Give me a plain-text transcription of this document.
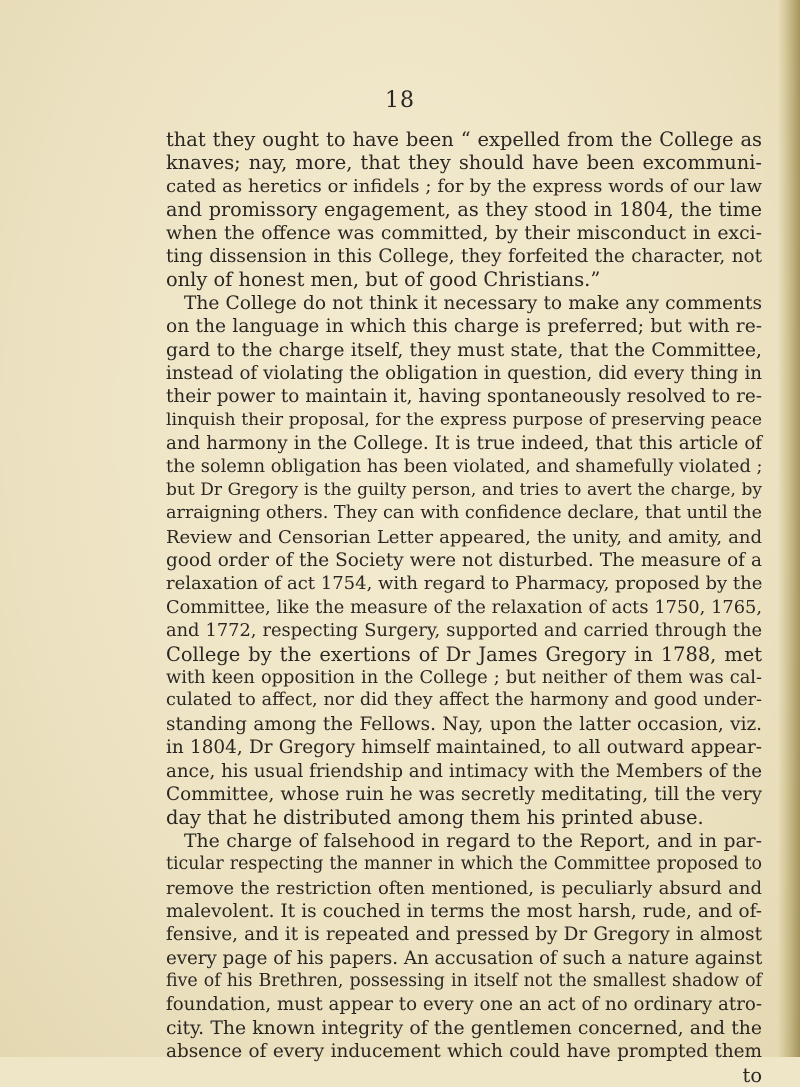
18
that they ought to have been “ expelled from the College as
knaves; nay, more, that they should have been excommuni-
cated as heretics or infidels ; for by the express words of our law
and promissory engagement, as they stood in 1804, the time
when the offence was committed, by their misconduct in exci-
ting dissension in this College, they forfeited the character, not
only of honest men, but of good Christians.”
The College do not think it necessary to make any comments
on the language in which this charge is preferred; but with re-
gard to the charge itself, they must state, that the Committee,
instead of violating the obligation in question, did every thing in
their power to maintain it, having spontaneously resolved to re-
linquish their proposal, for the express purpose of preserving peace
and harmony in the College. It is true indeed, that this article of
the solemn obligation has been violated, and shamefully violated ;
but Dr Gregory is the guilty person, and tries to avert the charge, by
arraigning others. They can with confidence declare, that until the
Review and Censorian Letter appeared, the unity, and amity, and
good order of the Society were not disturbed. The measure of a
relaxation of act 1754, with regard to Pharmacy, proposed by the
Committee, like the measure of the relaxation of acts 1750, 1765,
and 1772, respecting Surgery, supported and carried through the
College by the exertions of Dr James Gregory in 1788, met
with keen opposition in the College ; but neither of them was cal-
culated to affect, nor did they affect the harmony and good under-
standing among the Fellows. Nay, upon the latter occasion, viz.
in 1804, Dr Gregory himself maintained, to all outward appear-
ance, his usual friendship and intimacy with the Members of the
Committee, whose ruin he was secretly meditating, till the very
day that he distributed among them his printed abuse.
The charge of falsehood in regard to the Report, and in par-
ticular respecting the manner in which the Committee proposed to
remove the restriction often mentioned, is peculiarly absurd and
malevolent. It is couched in terms the most harsh, rude, and of-
fensive, and it is repeated and pressed by Dr Gregory in almost
every page of his papers. An accusation of such a nature against
five of his Brethren, possessing in itself not the smallest shadow of
foundation, must appear to every one an act of no ordinary atro-
city. The known integrity of the gentlemen concerned, and the
absence of every inducement which could have prompted them
to
